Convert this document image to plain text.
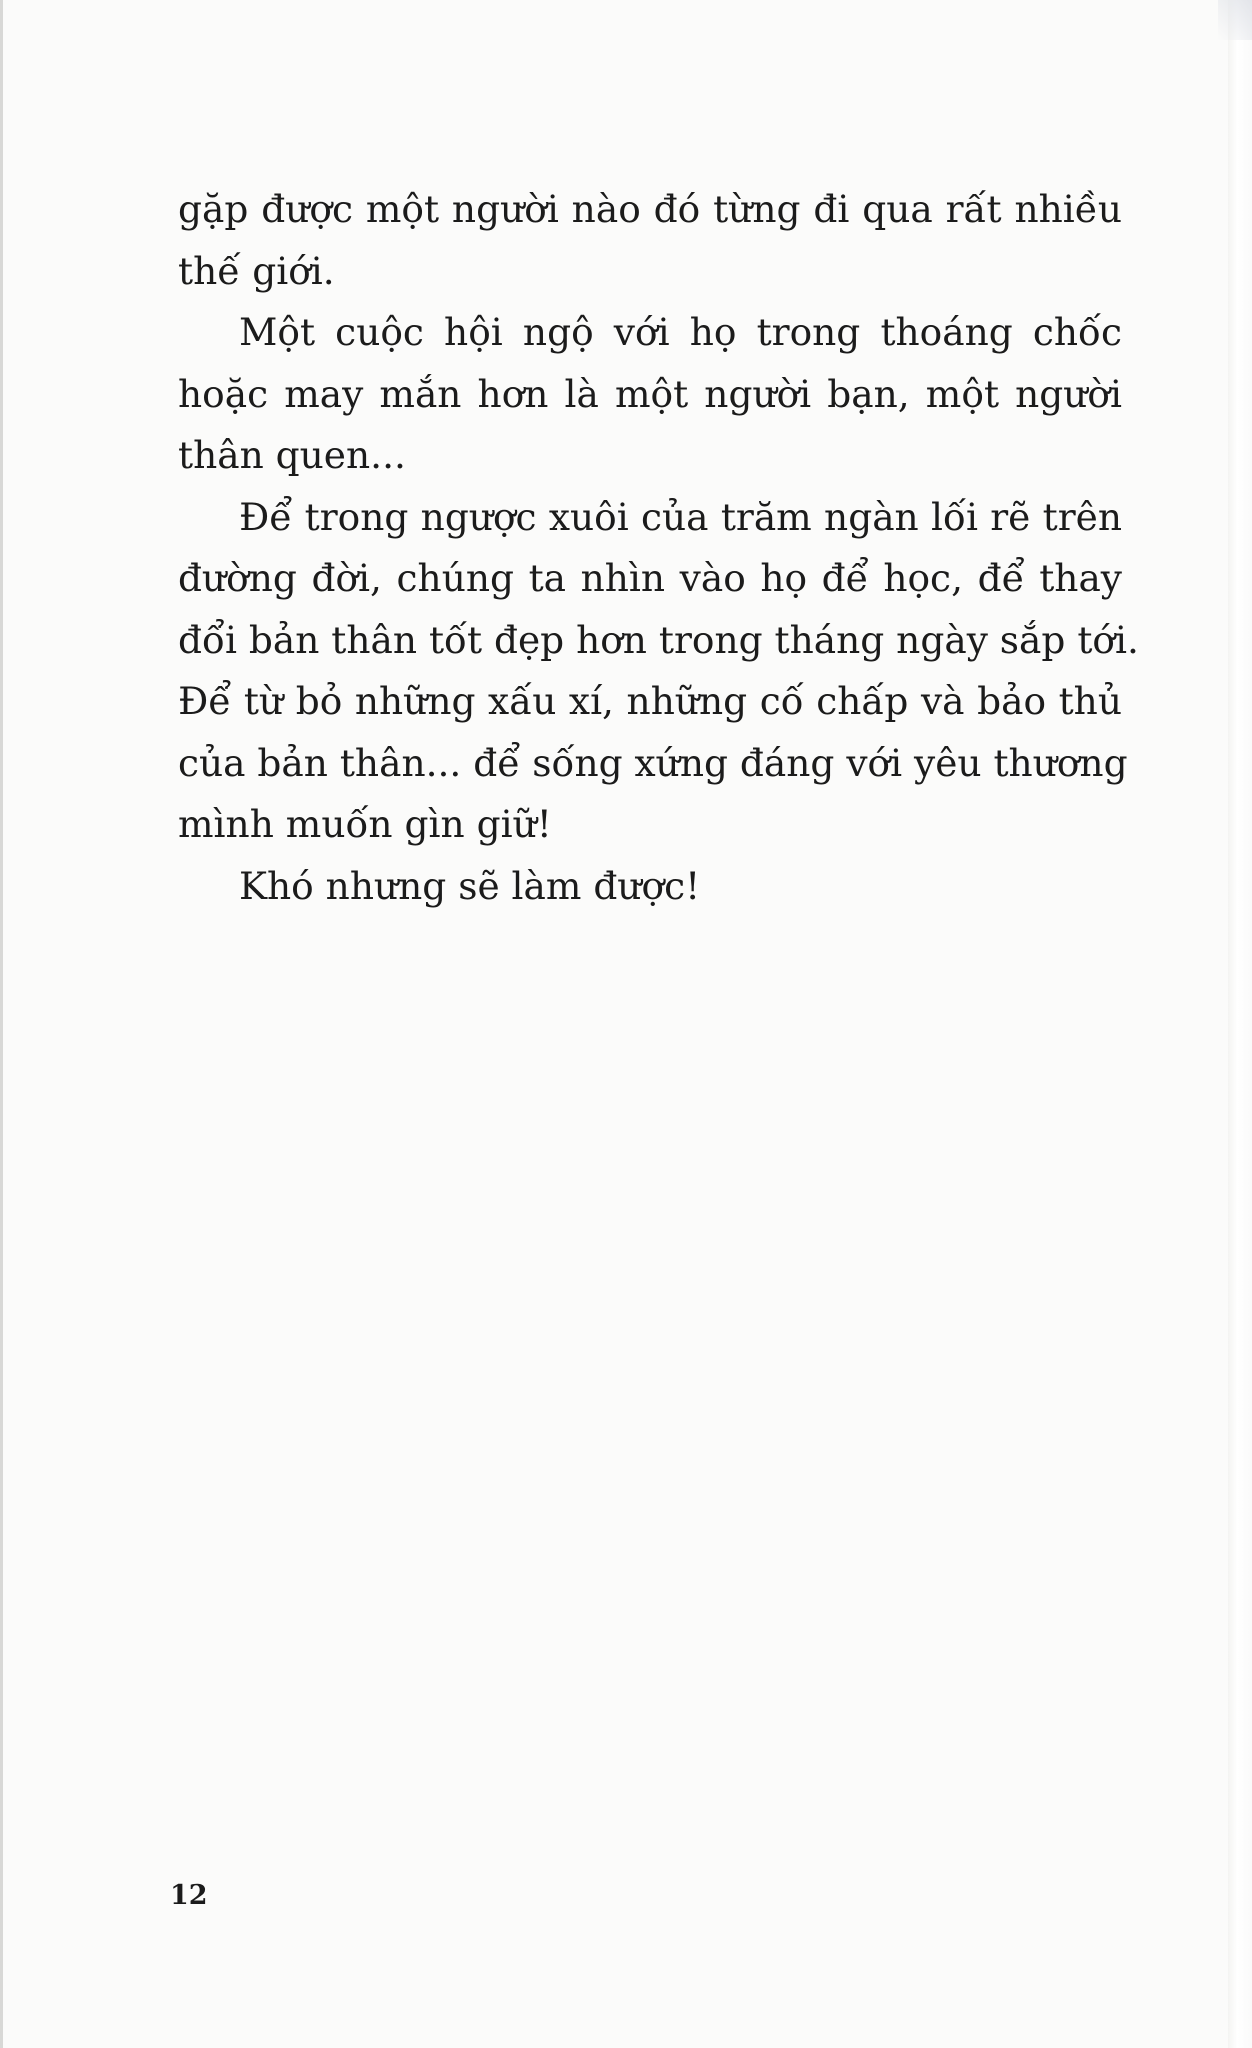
gặp được một người nào đó từng đi qua rất nhiều
thế giới.

Một cuộc hội ngộ với họ trong thoáng chốc
hoặc may mắn hơn là một người bạn, một người
thân quen...

Để trong ngược xuôi của trăm ngàn lối rẽ trên
đường đời, chúng ta nhìn vào họ để học, để thay
đổi bản thân tốt đẹp hơn trong tháng ngày sắp tới.
Để từ bỏ những xấu xí, những cố chấp và bảo thủ
của bản thân... để sống xứng đáng với yêu thương
mình muốn gìn giữ!

Khó nhưng sẽ làm được!

12
